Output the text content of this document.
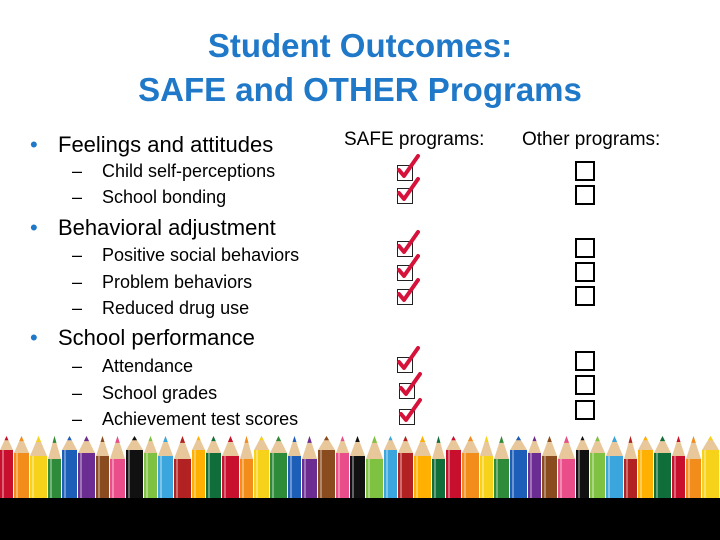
Student Outcomes:
SAFE and OTHER Programs
SAFE programs: Other programs:
• Feelings and attitudes
– Child self-perceptions
– School bonding
• Behavioral adjustment
– Positive social behaviors
– Problem behaviors
– Reduced drug use
• School performance
– Attendance
– School grades
– Achievement test scores
